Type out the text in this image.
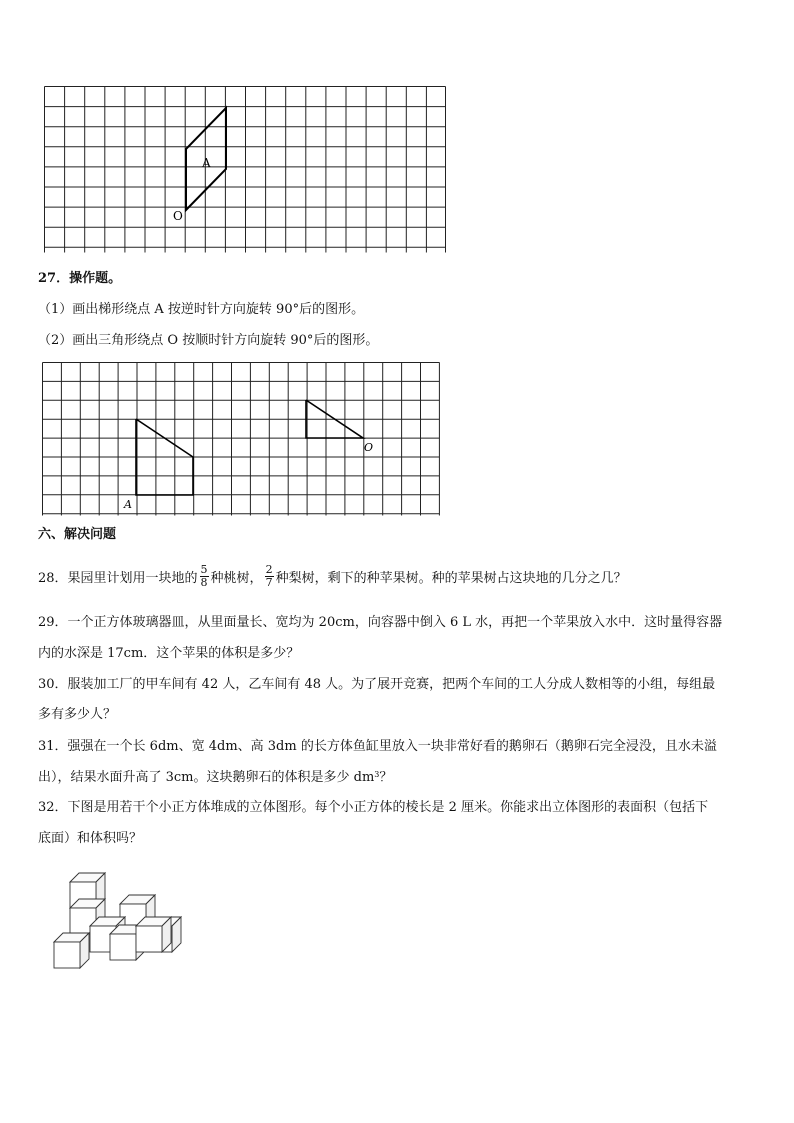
A
O
27．操作题。
（1）画出梯形绕点 A 按逆时针方向旋转 90°后的图形。
（2）画出三角形绕点 O 按顺时针方向旋转 90°后的图形。
A
O
六、解决问题
28．果园里计划用一块地的 $\frac{5}{8}$ 种桃树， $\frac{2}{7}$ 种梨树，剩下的种苹果树。种的苹果树占这块地的几分之几？
29．一个正方体玻璃器皿，从里面量长、宽均为 20cm，向容器中倒入 6 L 水，再把一个苹果放入水中．这时量得容器
内的水深是 17cm．这个苹果的体积是多少？
30．服装加工厂的甲车间有 42 人，乙车间有 48 人。为了展开竞赛，把两个车间的工人分成人数相等的小组，每组最
多有多少人？
31．强强在一个长 6dm、宽 4dm、高 3dm 的长方体鱼缸里放入一块非常好看的鹅卵石（鹅卵石完全浸没，且水未溢
出），结果水面升高了 3cm。这块鹅卵石的体积是多少 $dm^3$？
32．下图是用若干个小正方体堆成的立体图形。每个小正方体的棱长是 2 厘米。你能求出立体图形的表面积（包括下
底面）和体积吗？
